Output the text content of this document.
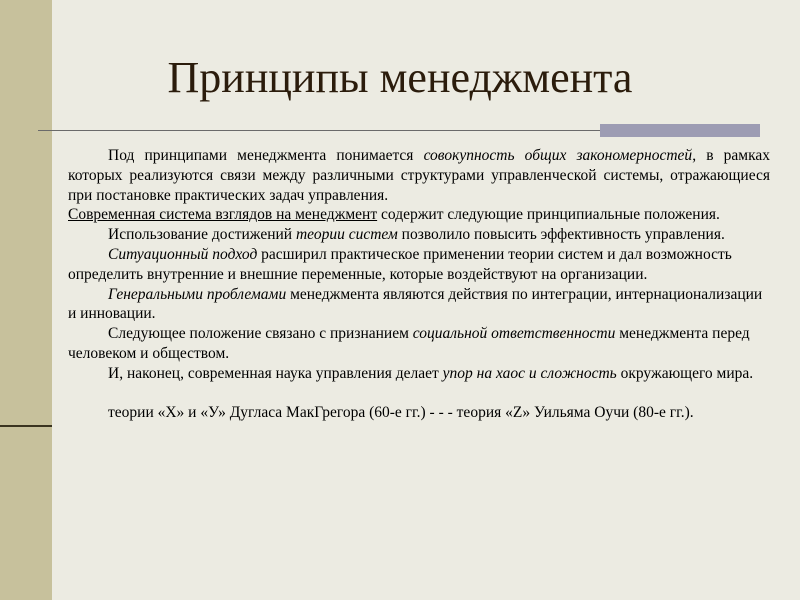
Принципы менеджмента

Под принципами менеджмента понимается совокупность общих закономерностей, в рамках которых реализуются связи между различными структурами управленческой системы, отражающиеся при постановке практических задач управления.

Современная система взглядов на менеджмент содержит следующие принципиальные положения.

Использование достижений теории систем позволило повысить эффективность управления.

Ситуационный подход расширил практическое применении теории систем и дал возможность определить внутренние и внешние переменные, которые воздействуют на организации.

Генеральными проблемами менеджмента являются действия по интеграции, интернационализации и инновации.

Следующее положение связано с признанием социальной ответственности менеджмента перед человеком и обществом.

И, наконец, современная наука управления делает упор на хаос и сложность окружающего мира.

теории «Х» и «У» Дугласа МакГрегора (60-е гг.) - - - теория «Z» Уильяма Оучи (80-е гг.).
